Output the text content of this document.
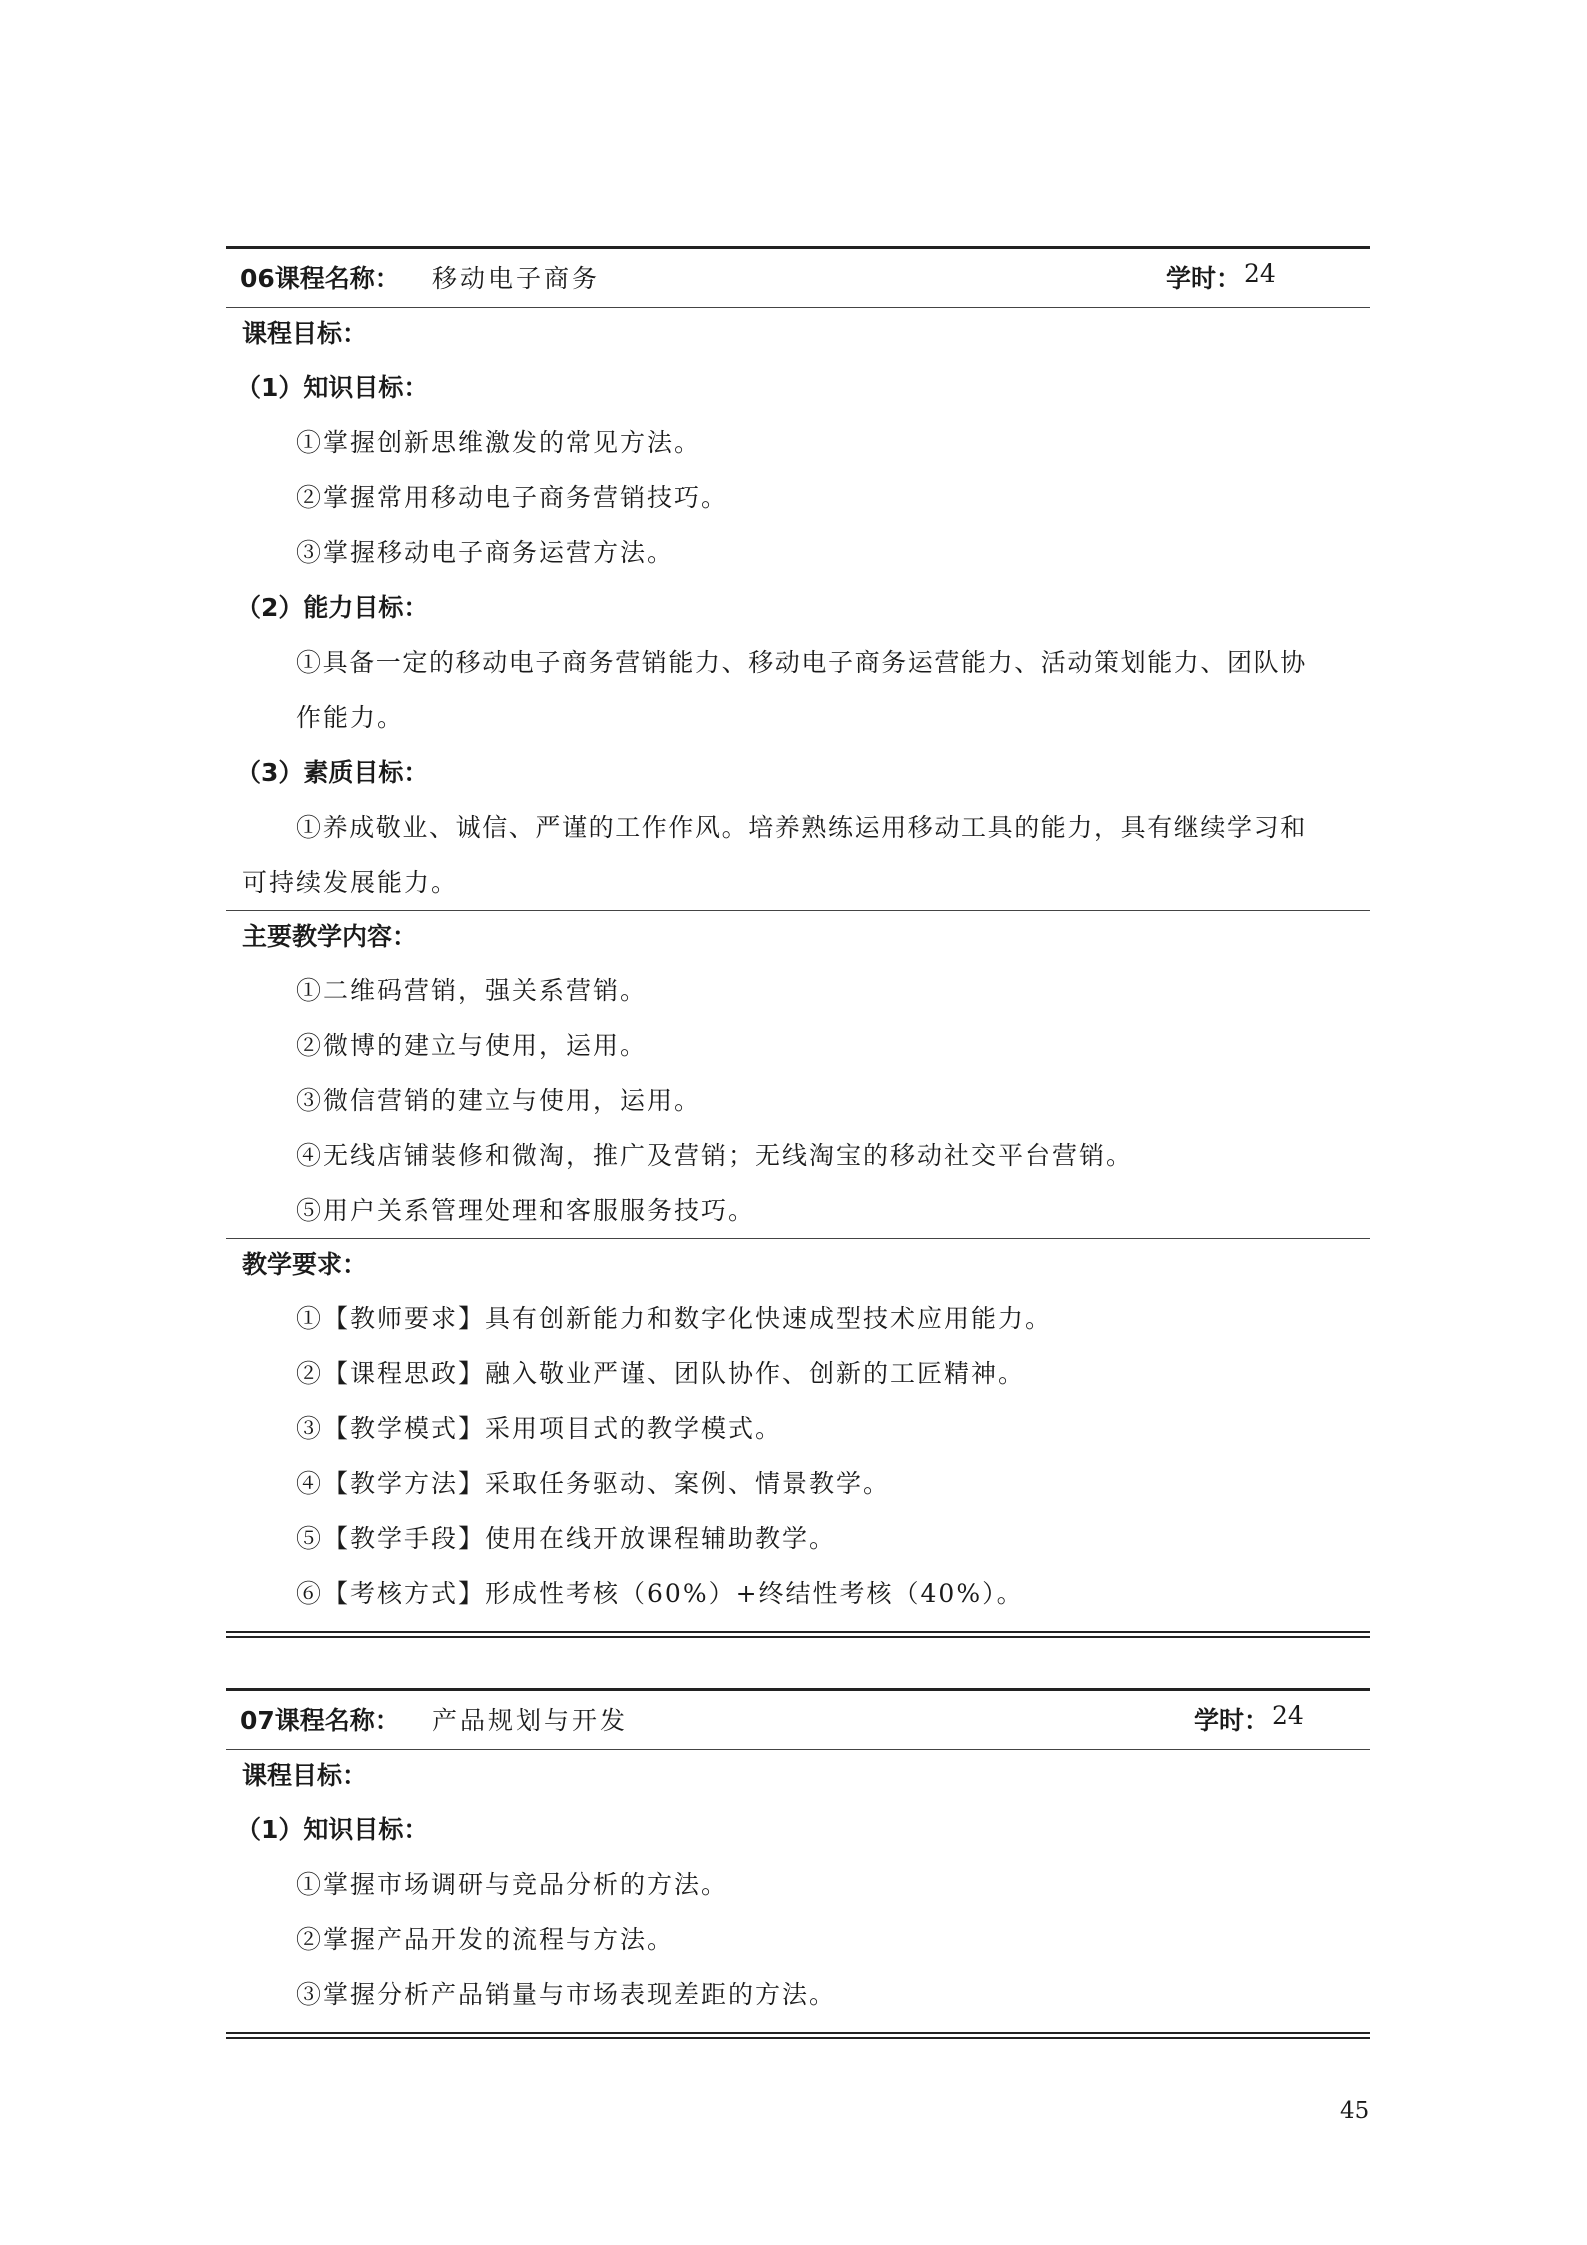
06课程名称： 移动电子商务	学时： 24
课程目标：
（1）知识目标：
①掌握创新思维激发的常见方法。
②掌握常用移动电子商务营销技巧。
③掌握移动电子商务运营方法。
（2）能力目标：
①具备一定的移动电子商务营销能力、移动电子商务运营能力、活动策划能力、团队协
作能力。
（3）素质目标：
①养成敬业、诚信、严谨的工作作风。培养熟练运用移动工具的能力，具有继续学习和
可持续发展能力。
主要教学内容：
①二维码营销，强关系营销。
②微博的建立与使用，运用。
③微信营销的建立与使用，运用。
④无线店铺装修和微淘，推广及营销；无线淘宝的移动社交平台营销。
⑤用户关系管理处理和客服服务技巧。
教学要求：
①【教师要求】具有创新能力和数字化快速成型技术应用能力。
②【课程思政】融入敬业严谨、团队协作、创新的工匠精神。
③【教学模式】采用项目式的教学模式。
④【教学方法】采取任务驱动、案例、情景教学。
⑤【教学手段】使用在线开放课程辅助教学。
⑥【考核方式】形成性考核（60%）+终结性考核（40%）。
07课程名称： 产品规划与开发	学时： 24
课程目标：
（1）知识目标：
①掌握市场调研与竞品分析的方法。
②掌握产品开发的流程与方法。
③掌握分析产品销量与市场表现差距的方法。
45
